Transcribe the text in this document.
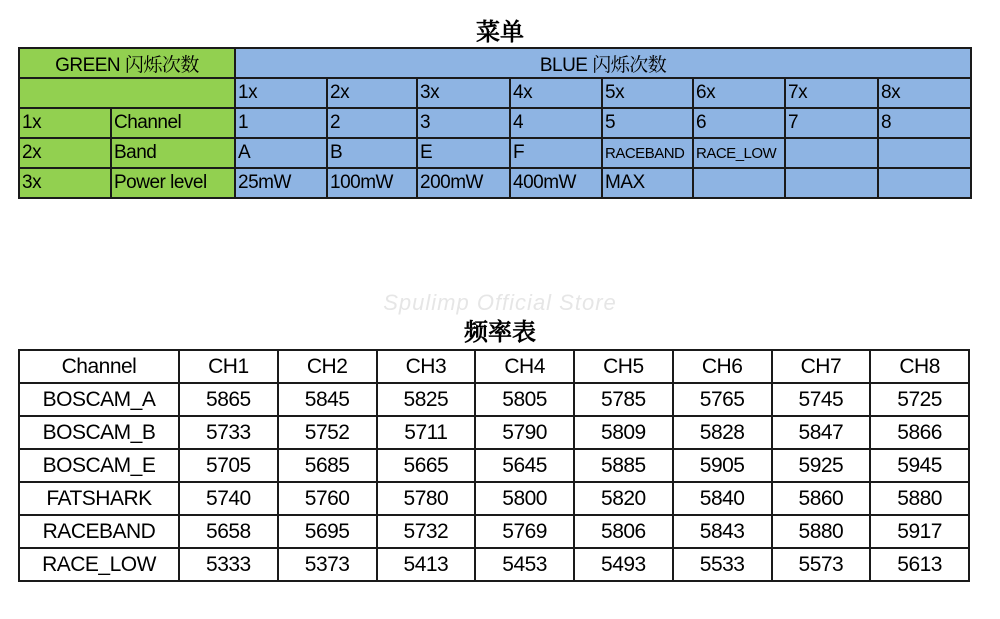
菜单
GREEN 闪烁次数		BLUE 闪烁次数							
		1x	2x	3x	4x	5x	6x	7x	8x
1x	Channel	1	2	3	4	5	6	7	8
2x	Band	A	B	E	F	RACEBAND	RACE_LOW		
3x	Power level	25mW	100mW	200mW	400mW	MAX			
Spulimp Official Store
频率表
Channel	CH1	CH2	CH3	CH4	CH5	CH6	CH7	CH8
BOSCAM_A	5865	5845	5825	5805	5785	5765	5745	5725
BOSCAM_B	5733	5752	5711	5790	5809	5828	5847	5866
BOSCAM_E	5705	5685	5665	5645	5885	5905	5925	5945
FATSHARK	5740	5760	5780	5800	5820	5840	5860	5880
RACEBAND	5658	5695	5732	5769	5806	5843	5880	5917
RACE_LOW	5333	5373	5413	5453	5493	5533	5573	5613
